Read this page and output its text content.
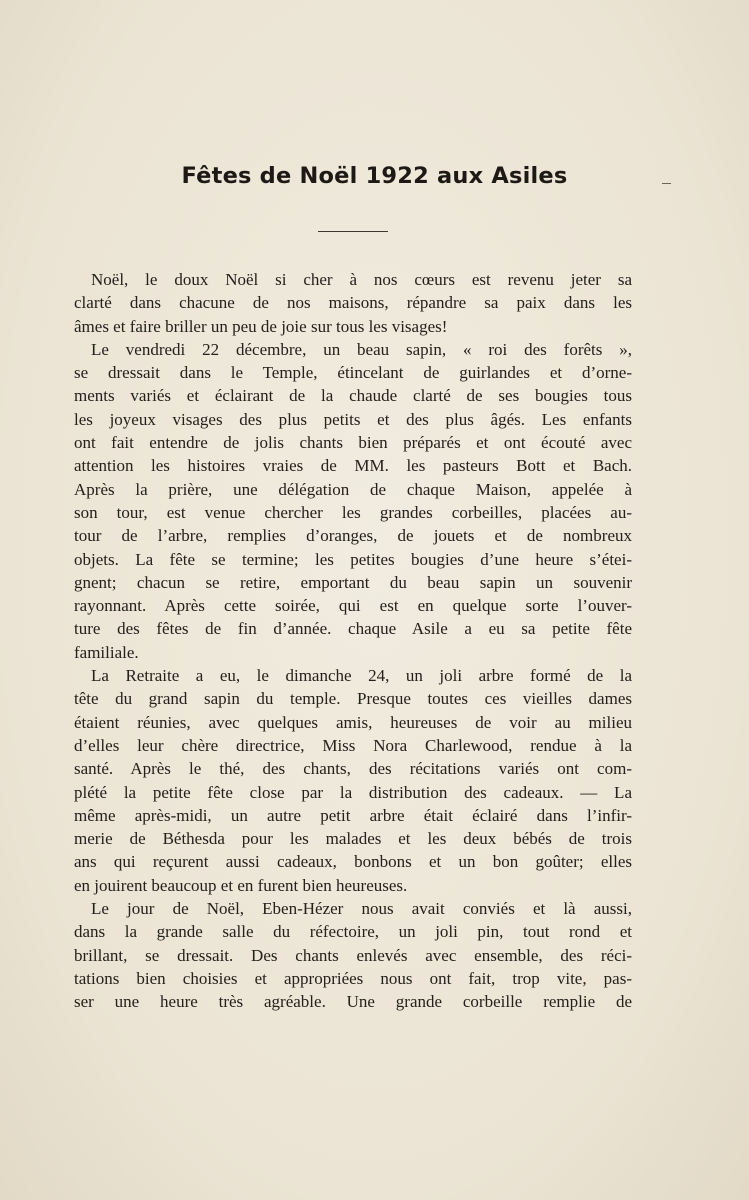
Fêtes de Noël 1922 aux Asiles
Noël, le doux Noël si cher à nos cœurs est revenu jeter sa
clarté dans chacune de nos maisons, répandre sa paix dans les
âmes et faire briller un peu de joie sur tous les visages!
Le vendredi 22 décembre, un beau sapin, « roi des forêts »,
se dressait dans le Temple, étincelant de guirlandes et d’orne-
ments variés et éclairant de la chaude clarté de ses bougies tous
les joyeux visages des plus petits et des plus âgés. Les enfants
ont fait entendre de jolis chants bien préparés et ont écouté avec
attention les histoires vraies de MM. les pasteurs Bott et Bach.
Après la prière, une délégation de chaque Maison, appelée à
son tour, est venue chercher les grandes corbeilles, placées au-
tour de l’arbre, remplies d’oranges, de jouets et de nombreux
objets. La fête se termine; les petites bougies d’une heure s’étei-
gnent; chacun se retire, emportant du beau sapin un souvenir
rayonnant. Après cette soirée, qui est en quelque sorte l’ouver-
ture des fêtes de fin d’année. chaque Asile a eu sa petite fête
familiale.
La Retraite a eu, le dimanche 24, un joli arbre formé de la
tête du grand sapin du temple. Presque toutes ces vieilles dames
étaient réunies, avec quelques amis, heureuses de voir au milieu
d’elles leur chère directrice, Miss Nora Charlewood, rendue à la
santé. Après le thé, des chants, des récitations variés ont com-
plété la petite fête close par la distribution des cadeaux. — La
même après-midi, un autre petit arbre était éclairé dans l’infir-
merie de Béthesda pour les malades et les deux bébés de trois
ans qui reçurent aussi cadeaux, bonbons et un bon goûter; elles
en jouirent beaucoup et en furent bien heureuses.
Le jour de Noël, Eben-Hézer nous avait conviés et là aussi,
dans la grande salle du réfectoire, un joli pin, tout rond et
brillant, se dressait. Des chants enlevés avec ensemble, des réci-
tations bien choisies et appropriées nous ont fait, trop vite, pas-
ser une heure très agréable. Une grande corbeille remplie de
